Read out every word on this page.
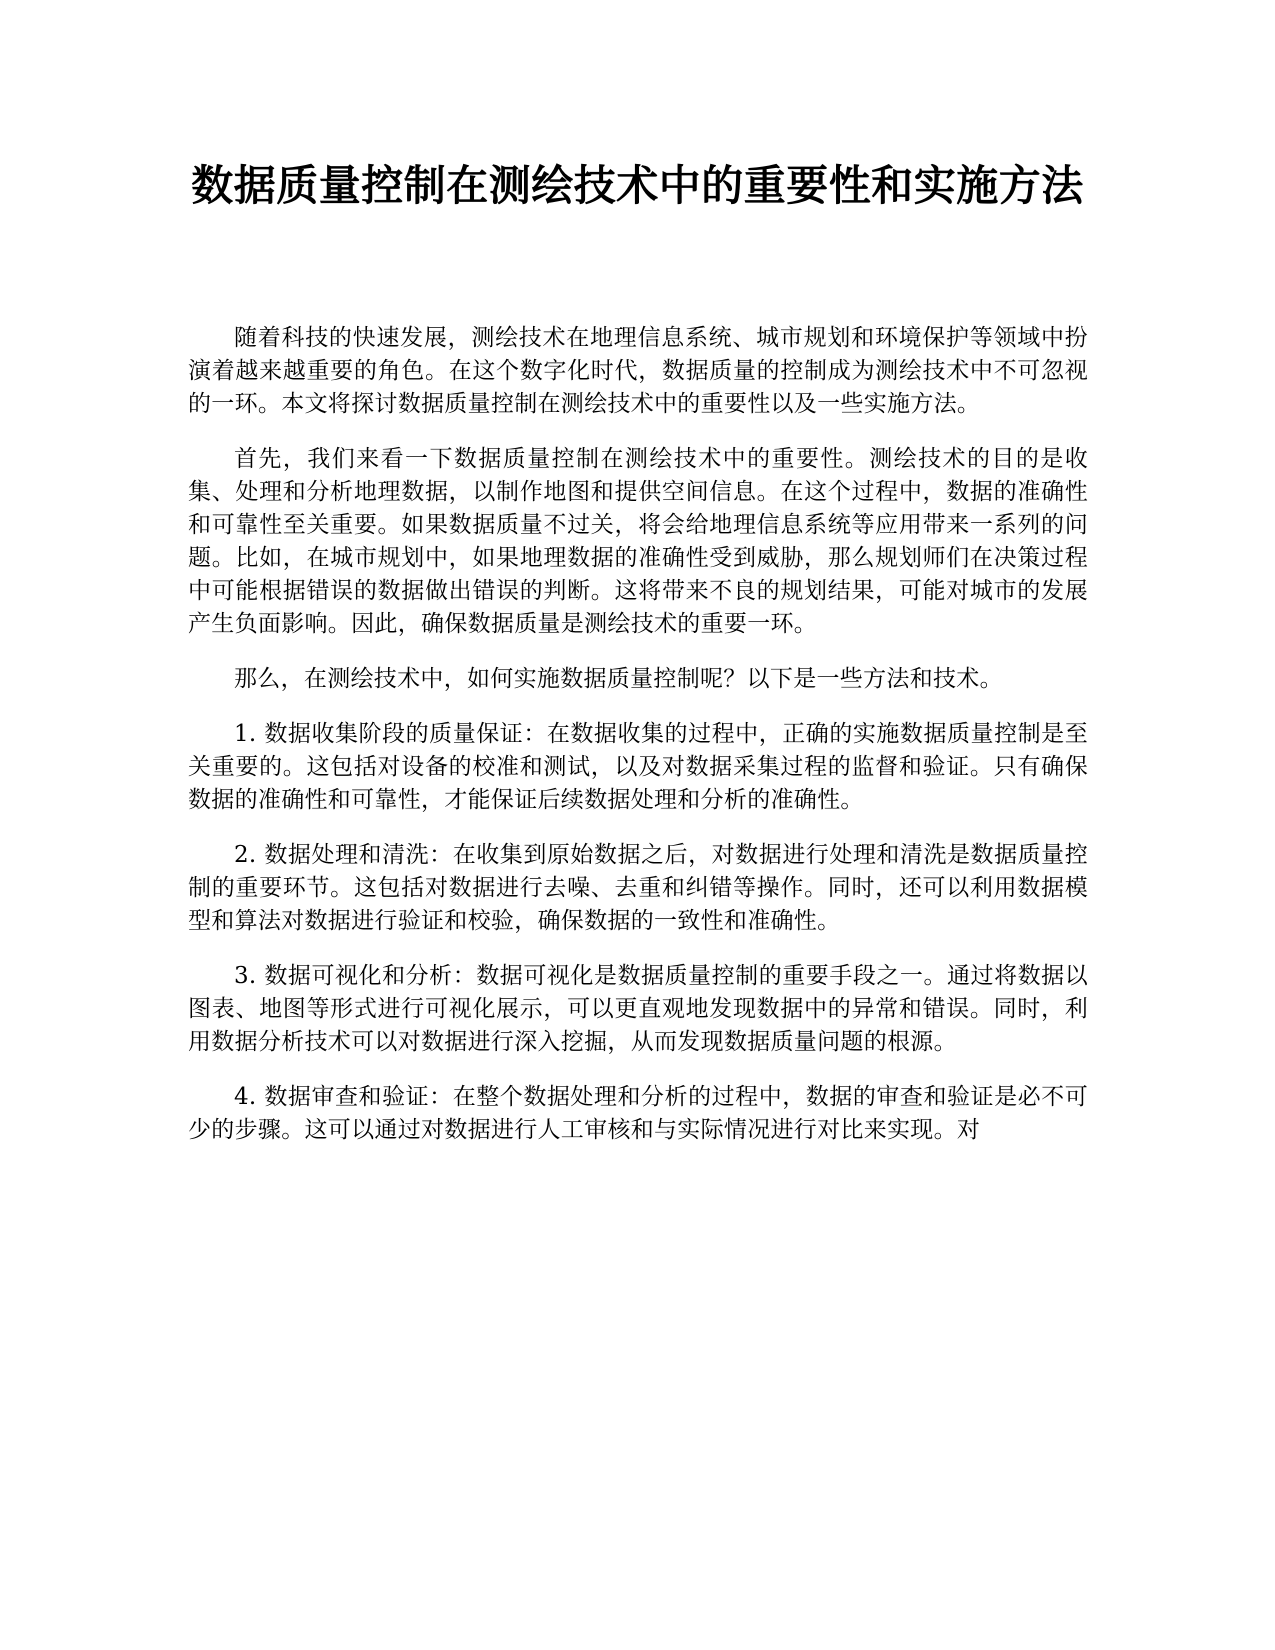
数据质量控制在测绘技术中的重要性和实施方法

随着科技的快速发展，测绘技术在地理信息系统、城市规划和环境保护等领域中扮演着越来越重要的角色。在这个数字化时代，数据质量的控制成为测绘技术中不可忽视的一环。本文将探讨数据质量控制在测绘技术中的重要性以及一些实施方法。

首先，我们来看一下数据质量控制在测绘技术中的重要性。测绘技术的目的是收集、处理和分析地理数据，以制作地图和提供空间信息。在这个过程中，数据的准确性和可靠性至关重要。如果数据质量不过关，将会给地理信息系统等应用带来一系列的问题。比如，在城市规划中，如果地理数据的准确性受到威胁，那么规划师们在决策过程中可能根据错误的数据做出错误的判断。这将带来不良的规划结果，可能对城市的发展产生负面影响。因此，确保数据质量是测绘技术的重要一环。

那么，在测绘技术中，如何实施数据质量控制呢？以下是一些方法和技术。

1. 数据收集阶段的质量保证：在数据收集的过程中，正确的实施数据质量控制是至关重要的。这包括对设备的校准和测试，以及对数据采集过程的监督和验证。只有确保数据的准确性和可靠性，才能保证后续数据处理和分析的准确性。

2. 数据处理和清洗：在收集到原始数据之后，对数据进行处理和清洗是数据质量控制的重要环节。这包括对数据进行去噪、去重和纠错等操作。同时，还可以利用数据模型和算法对数据进行验证和校验，确保数据的一致性和准确性。

3. 数据可视化和分析：数据可视化是数据质量控制的重要手段之一。通过将数据以图表、地图等形式进行可视化展示，可以更直观地发现数据中的异常和错误。同时，利用数据分析技术可以对数据进行深入挖掘，从而发现数据质量问题的根源。

4. 数据审查和验证：在整个数据处理和分析的过程中，数据的审查和验证是必不可少的步骤。这可以通过对数据进行人工审核和与实际情况进行对比来实现。对
